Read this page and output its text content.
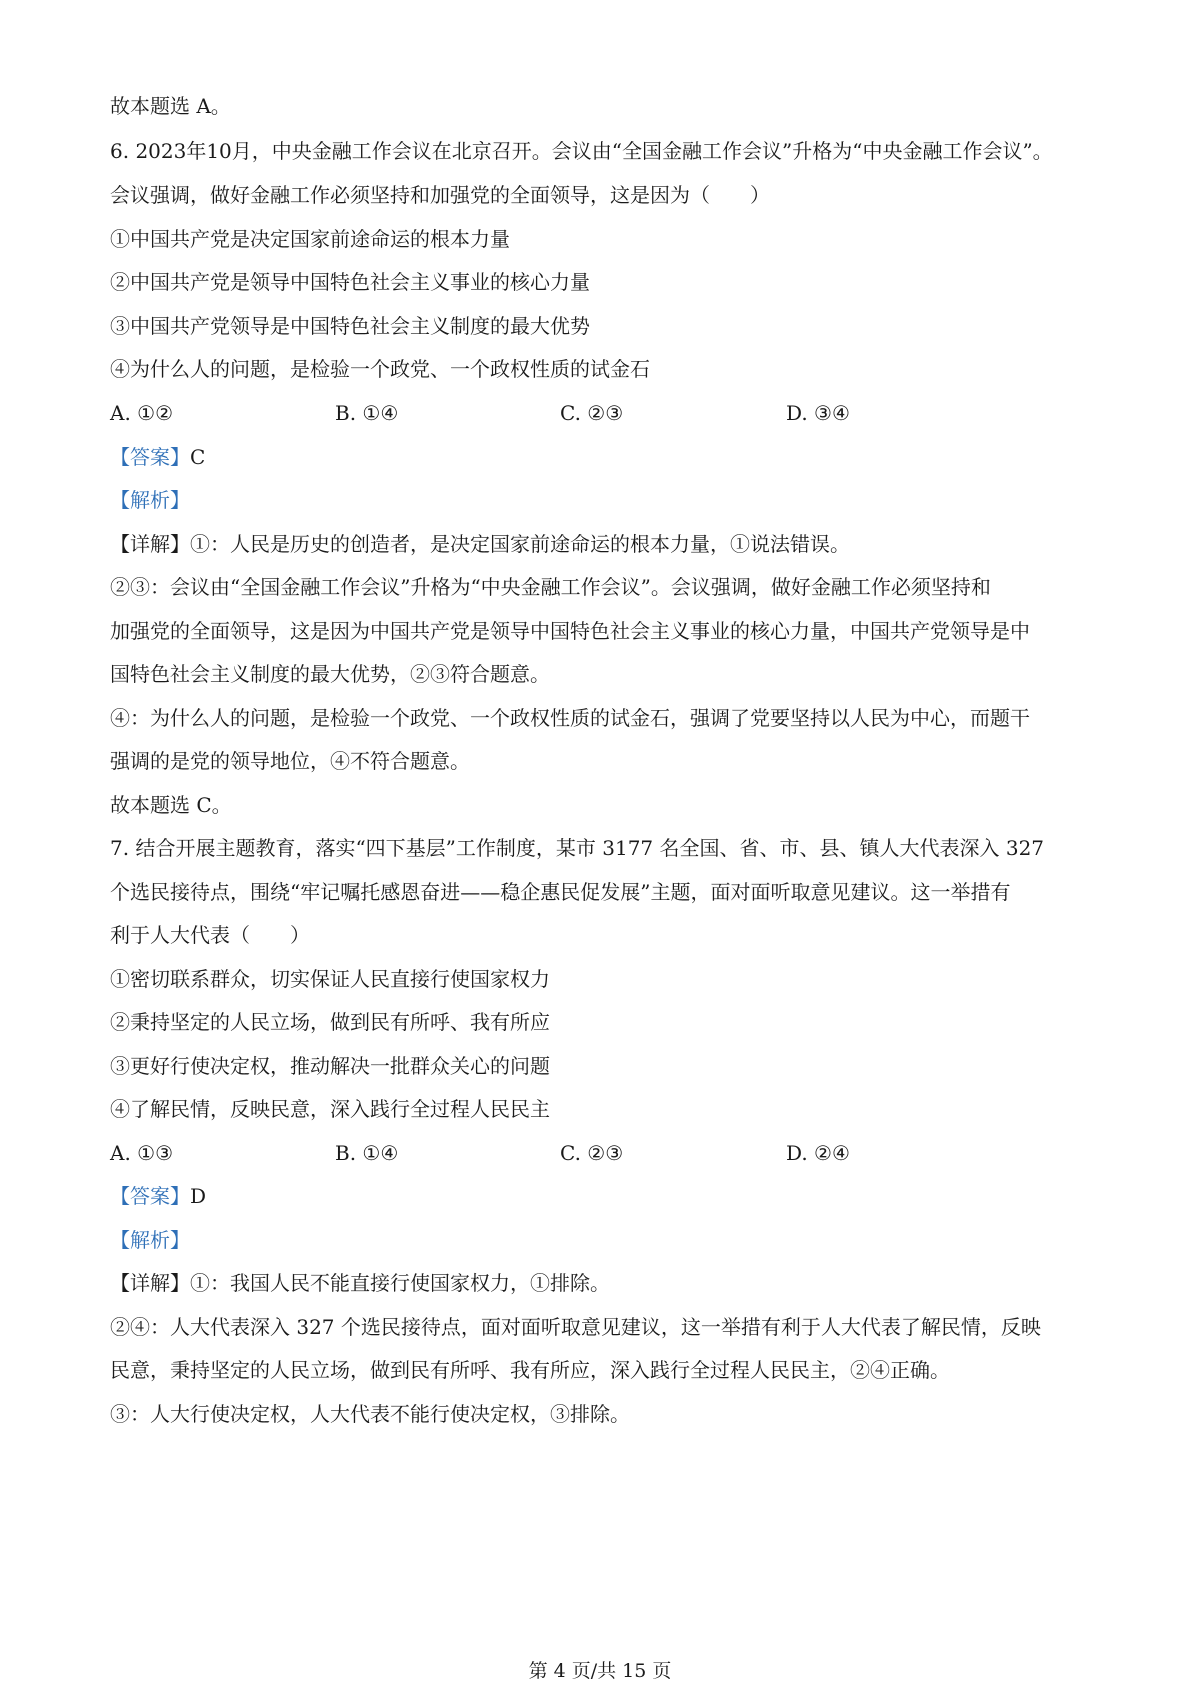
故本题选 A。
6. 2023年10月，中央金融工作会议在北京召开。会议由“全国金融工作会议”升格为“中央金融工作会议”。
会议强调，做好金融工作必须坚持和加强党的全面领导，这是因为（　　）
①中国共产党是决定国家前途命运的根本力量
②中国共产党是领导中国特色社会主义事业的核心力量
③中国共产党领导是中国特色社会主义制度的最大优势
④为什么人的问题，是检验一个政党、一个政权性质的试金石
A. ①②	B. ①④	C. ②③	D. ③④
【答案】C
【解析】
【详解】①：人民是历史的创造者，是决定国家前途命运的根本力量，①说法错误。
②③：会议由“全国金融工作会议”升格为“中央金融工作会议”。会议强调，做好金融工作必须坚持和
加强党的全面领导，这是因为中国共产党是领导中国特色社会主义事业的核心力量，中国共产党领导是中
国特色社会主义制度的最大优势，②③符合题意。
④：为什么人的问题，是检验一个政党、一个政权性质的试金石，强调了党要坚持以人民为中心，而题干
强调的是党的领导地位，④不符合题意。
故本题选 C。
7. 结合开展主题教育，落实“四下基层”工作制度，某市 3177 名全国、省、市、县、镇人大代表深入 327
个选民接待点，围绕“牢记嘱托感恩奋进——稳企惠民促发展”主题，面对面听取意见建议。这一举措有
利于人大代表（　　）
①密切联系群众，切实保证人民直接行使国家权力
②秉持坚定的人民立场，做到民有所呼、我有所应
③更好行使决定权，推动解决一批群众关心的问题
④了解民情，反映民意，深入践行全过程人民民主
A. ①③	B. ①④	C. ②③	D. ②④
【答案】D
【解析】
【详解】①：我国人民不能直接行使国家权力，①排除。
②④：人大代表深入 327 个选民接待点，面对面听取意见建议，这一举措有利于人大代表了解民情，反映
民意，秉持坚定的人民立场，做到民有所呼、我有所应，深入践行全过程人民民主，②④正确。
③：人大行使决定权，人大代表不能行使决定权，③排除。
第 4 页/共 15 页
